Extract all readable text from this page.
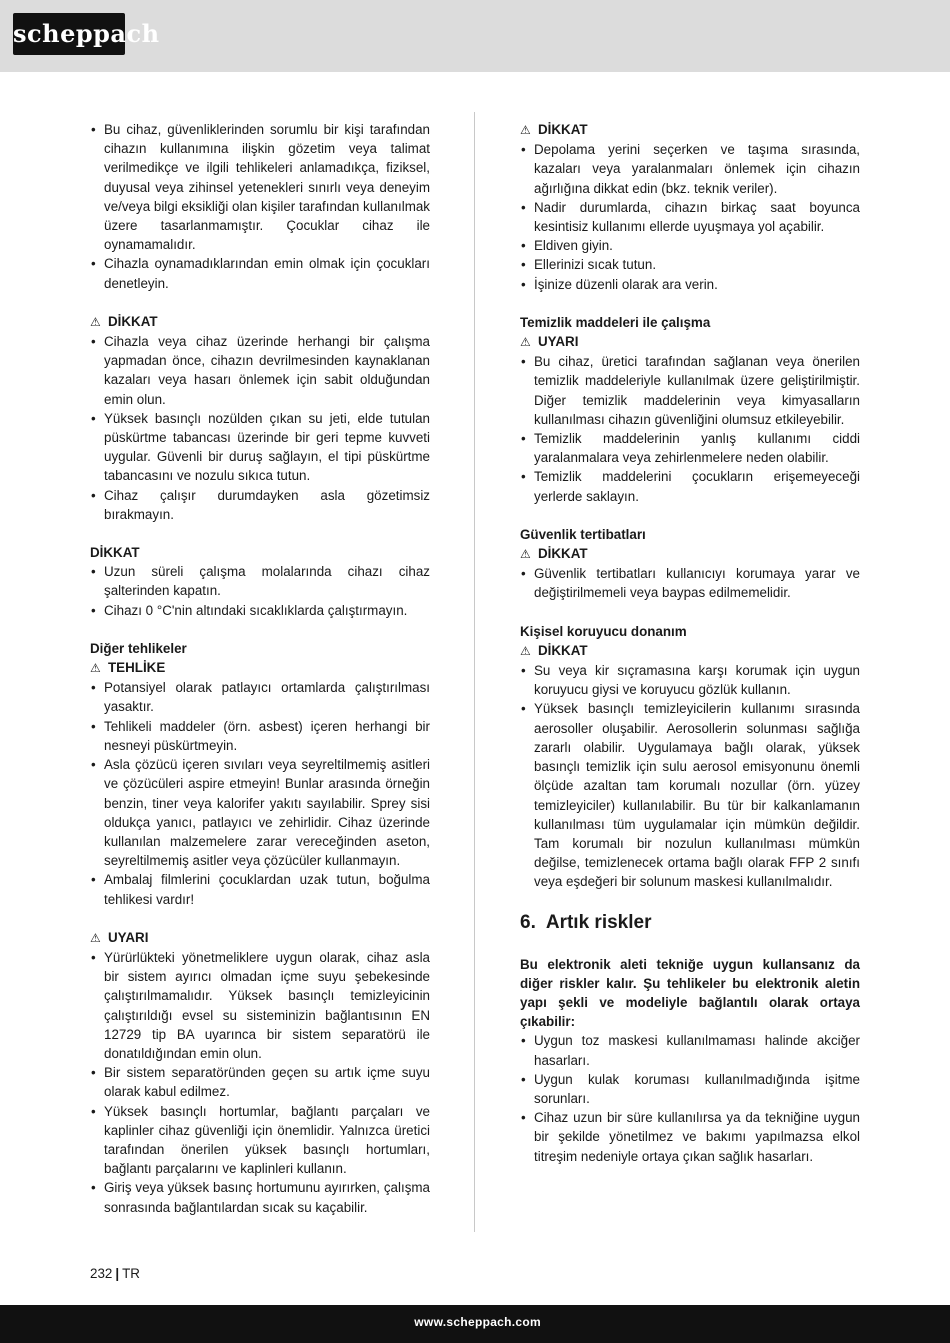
scheppach
• Bu cihaz, güvenliklerinden sorumlu bir kişi tarafından cihazın kullanımına ilişkin gözetim veya talimat verilmedikçe ve ilgili tehlikeleri anlamadıkça, fiziksel, duyusal veya zihinsel yetenekleri sınırlı veya deneyim ve/veya bilgi eksikliği olan kişiler tarafından kullanılmak üzere tasarlanmamıştır. Çocuklar cihaz ile oynamamalıdır.
• Cihazla oynamadıklarından emin olmak için çocukları denetleyin.
⚠ DİKKAT
• Cihazla veya cihaz üzerinde herhangi bir çalışma yapmadan önce, cihazın devrilmesinden kaynaklanan kazaları veya hasarı önlemek için sabit olduğundan emin olun.
• Yüksek basınçlı nozülden çıkan su jeti, elde tutulan püskürtme tabancası üzerinde bir geri tepme kuvveti uygular. Güvenli bir duruş sağlayın, el tipi püskürtme tabancasını ve nozulu sıkıca tutun.
• Cihaz çalışır durumdayken asla gözetimsiz bırakmayın.
DİKKAT
• Uzun süreli çalışma molalarında cihazı cihaz şalterinden kapatın.
• Cihazı 0 °C'nin altındaki sıcaklıklarda çalıştırmayın.
Diğer tehlikeler
⚠ TEHLİKE
• Potansiyel olarak patlayıcı ortamlarda çalıştırılması yasaktır.
• Tehlikeli maddeler (örn. asbest) içeren herhangi bir nesneyi püskürtmeyin.
• Asla çözücü içeren sıvıları veya seyreltilmemiş asitleri ve çözücüleri aspire etmeyin! Bunlar arasında örneğin benzin, tiner veya kalorifer yakıtı sayılabilir. Sprey sisi oldukça yanıcı, patlayıcı ve zehirlidir. Cihaz üzerinde kullanılan malzemelere zarar vereceğinden aseton, seyreltilmemiş asitler veya çözücüler kullanmayın.
• Ambalaj filmlerini çocuklardan uzak tutun, boğulma tehlikesi vardır!
⚠ UYARI
• Yürürlükteki yönetmeliklere uygun olarak, cihaz asla bir sistem ayırıcı olmadan içme suyu şebekesinde çalıştırılmamalıdır. Yüksek basınçlı temizleyicinin çalıştırıldığı evsel su sisteminizin bağlantısının EN 12729 tip BA uyarınca bir sistem separatörü ile donatıldığından emin olun.
• Bir sistem separatöründen geçen su artık içme suyu olarak kabul edilmez.
• Yüksek basınçlı hortumlar, bağlantı parçaları ve kaplinler cihaz güvenliği için önemlidir. Yalnızca üretici tarafından önerilen yüksek basınçlı hortumları, bağlantı parçalarını ve kaplinleri kullanın.
• Giriş veya yüksek basınç hortumunu ayırırken, çalışma sonrasında bağlantılardan sıcak su kaçabilir.
⚠ DİKKAT
• Depolama yerini seçerken ve taşıma sırasında, kazaları veya yaralanmaları önlemek için cihazın ağırlığına dikkat edin (bkz. teknik veriler).
• Nadir durumlarda, cihazın birkaç saat boyunca kesintisiz kullanımı ellerde uyuşmaya yol açabilir.
• Eldiven giyin.
• Ellerinizi sıcak tutun.
• İşinize düzenli olarak ara verin.
Temizlik maddeleri ile çalışma
⚠ UYARI
• Bu cihaz, üretici tarafından sağlanan veya önerilen temizlik maddeleriyle kullanılmak üzere geliştirilmiştir. Diğer temizlik maddelerinin veya kimyasalların kullanılması cihazın güvenliğini olumsuz etkileyebilir.
• Temizlik maddelerinin yanlış kullanımı ciddi yaralanmalara veya zehirlenmelere neden olabilir.
• Temizlik maddelerini çocukların erişemeyeceği yerlerde saklayın.
Güvenlik tertibatları
⚠ DİKKAT
• Güvenlik tertibatları kullanıcıyı korumaya yarar ve değiştirilmemeli veya baypas edilmemelidir.
Kişisel koruyucu donanım
⚠ DİKKAT
• Su veya kir sıçramasına karşı korumak için uygun koruyucu giysi ve koruyucu gözlük kullanın.
• Yüksek basınçlı temizleyicilerin kullanımı sırasında aerosoller oluşabilir. Aerosollerin solunması sağlığa zararlı olabilir. Uygulamaya bağlı olarak, yüksek basınçlı temizlik için sulu aerosol emisyonunu önemli ölçüde azaltan tam korumalı nozullar (örn. yüzey temizleyiciler) kullanılabilir. Bu tür bir kalkanlamanın kullanılması tüm uygulamalar için mümkün değildir. Tam korumalı bir nozulun kullanılması mümkün değilse, temizlenecek ortama bağlı olarak FFP 2 sınıfı veya eşdeğeri bir solunum maskesi kullanılmalıdır.
6. Artık riskler
Bu elektronik aleti tekniğe uygun kullansanız da diğer riskler kalır. Şu tehlikeler bu elektronik aletin yapı şekli ve modeliyle bağlantılı olarak ortaya çıkabilir:
• Uygun toz maskesi kullanılmaması halinde akciğer hasarları.
• Uygun kulak koruması kullanılmadığında işitme sorunları.
• Cihaz uzun bir süre kullanılırsa ya da tekniğine uygun bir şekilde yönetilmez ve bakımı yapılmazsa elkol titreşim nedeniyle ortaya çıkan sağlık hasarları.
232 | TR
www.scheppach.com
